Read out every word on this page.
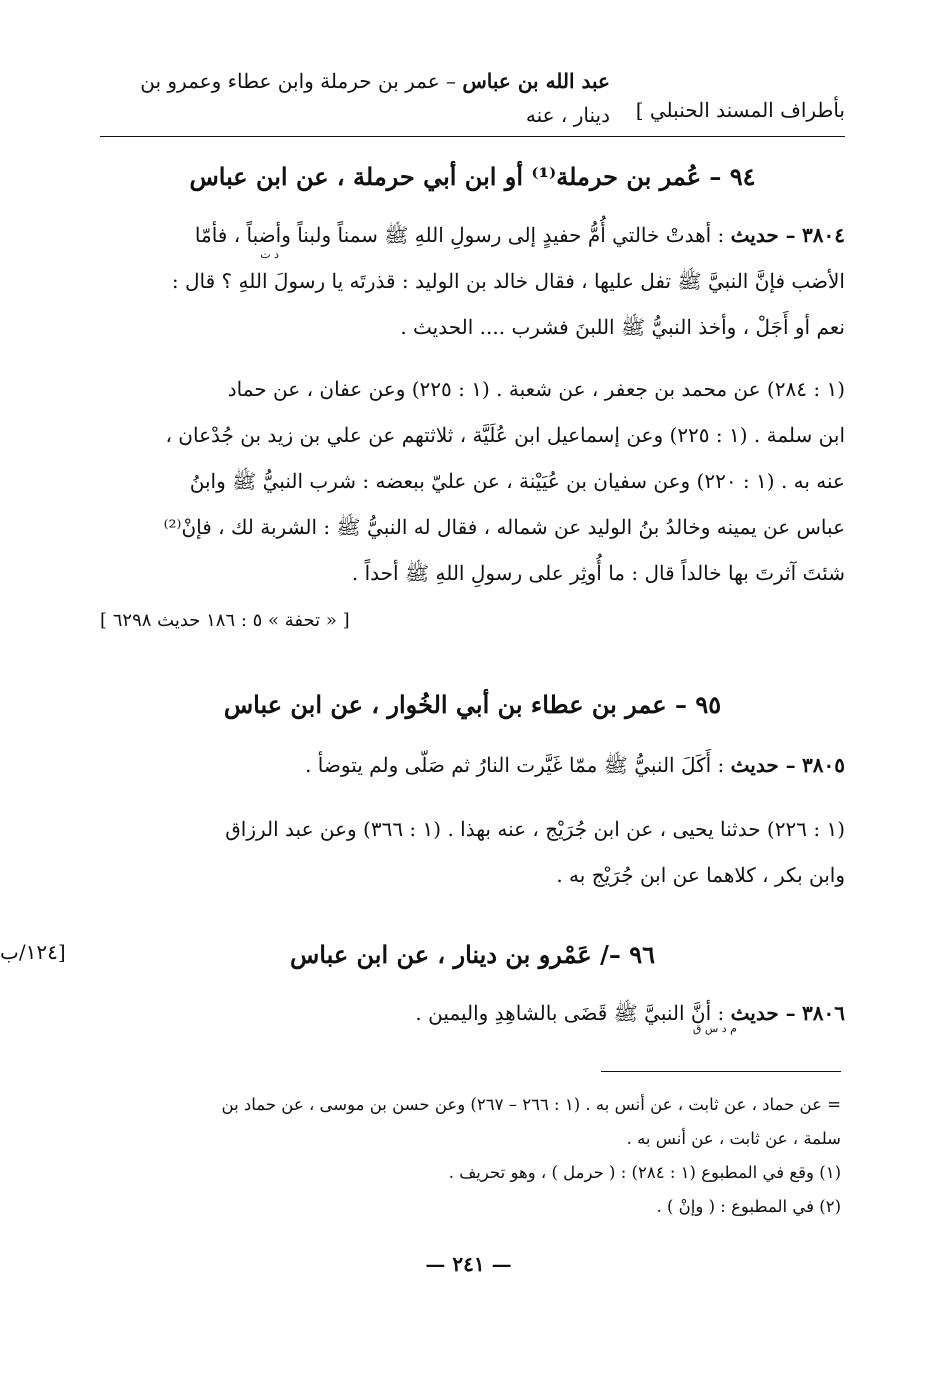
عبد الله بن عباس – عمر بن حرملة وابن عطاء وعمرو بن
دينار ، عنه بأطراف المسند الحنبلي ]
٩٤ – عُمر بن حرملة⁽¹⁾ أو ابن أبي حرملة ، عن ابن عباس
٣٨٠٤ – حديث : أهدتْ خالتي أُمُّ حفيدٍ إلى رسولِ اللهِ ﷺ سمناً ولبناً وأضباً ، فأمّا
الأضب فإنَّ النبيَّ ﷺ تفل عليها ، فقال خالد بن الوليد : قذرتَه يا رسولَ اللهِ ؟ قال :
نعم أو أَجَلْ ، وأخذ النبيُّ ﷺ اللبنَ فشرب .... الحديث .
د ت
(١ : ٢٨٤) عن محمد بن جعفر ، عن شعبة . (١ : ٢٢٥) وعن عفان ، عن حماد
ابن سلمة . (١ : ٢٢٥) وعن إسماعيل ابن عُلَيَّة ، ثلاثتهم عن علي بن زيد بن جُدْعان ،
عنه به . (١ : ٢٢٠) وعن سفيان بن عُيَيْنة ، عن عليّ ببعضه : شرب النبيُّ ﷺ وابنُ
عباس عن يمينه وخالدُ بنُ الوليد عن شماله ، فقال له النبيُّ ﷺ : الشربة لك ، فإنْ⁽²⁾
شئتَ آثرتَ بها خالداً قال : ما أُوثِر على رسولِ اللهِ ﷺ أحداً .
[ « تحفة » ٥ : ١٨٦ حديث ٦٢٩٨ ]
٩٥ – عمر بن عطاء بن أبي الخُوار ، عن ابن عباس
٣٨٠٥ – حديث : أَكَلَ النبيُّ ﷺ ممّا غَيَّرت النارُ ثم صَلّى ولم يتوضأ .
(١ : ٢٢٦) حدثنا يحيى ، عن ابن جُرَيْج ، عنه بهذا . (١ : ٣٦٦) وعن عبد الرزاق
وابن بكر ، كلاهما عن ابن جُرَيْج به .
[١٢٤/ب	٩٦ –/ عَمْرو بن دينار ، عن ابن عباس
٣٨٠٦ – حديث : أنَّ النبيَّ ﷺ قَضَى بالشاهِدِ واليمين .
م د س ق
= عن حماد ، عن ثابت ، عن أنس به . (١ : ٢٦٦ – ٢٦٧) وعن حسن بن موسى ، عن حماد بن
سلمة ، عن ثابت ، عن أنس به .
(١) وقع في المطبوع (١ : ٢٨٤) : ( حرمل ) ، وهو تحريف .
(٢) في المطبوع : ( وإنْ ) .
— ٢٤١ —
